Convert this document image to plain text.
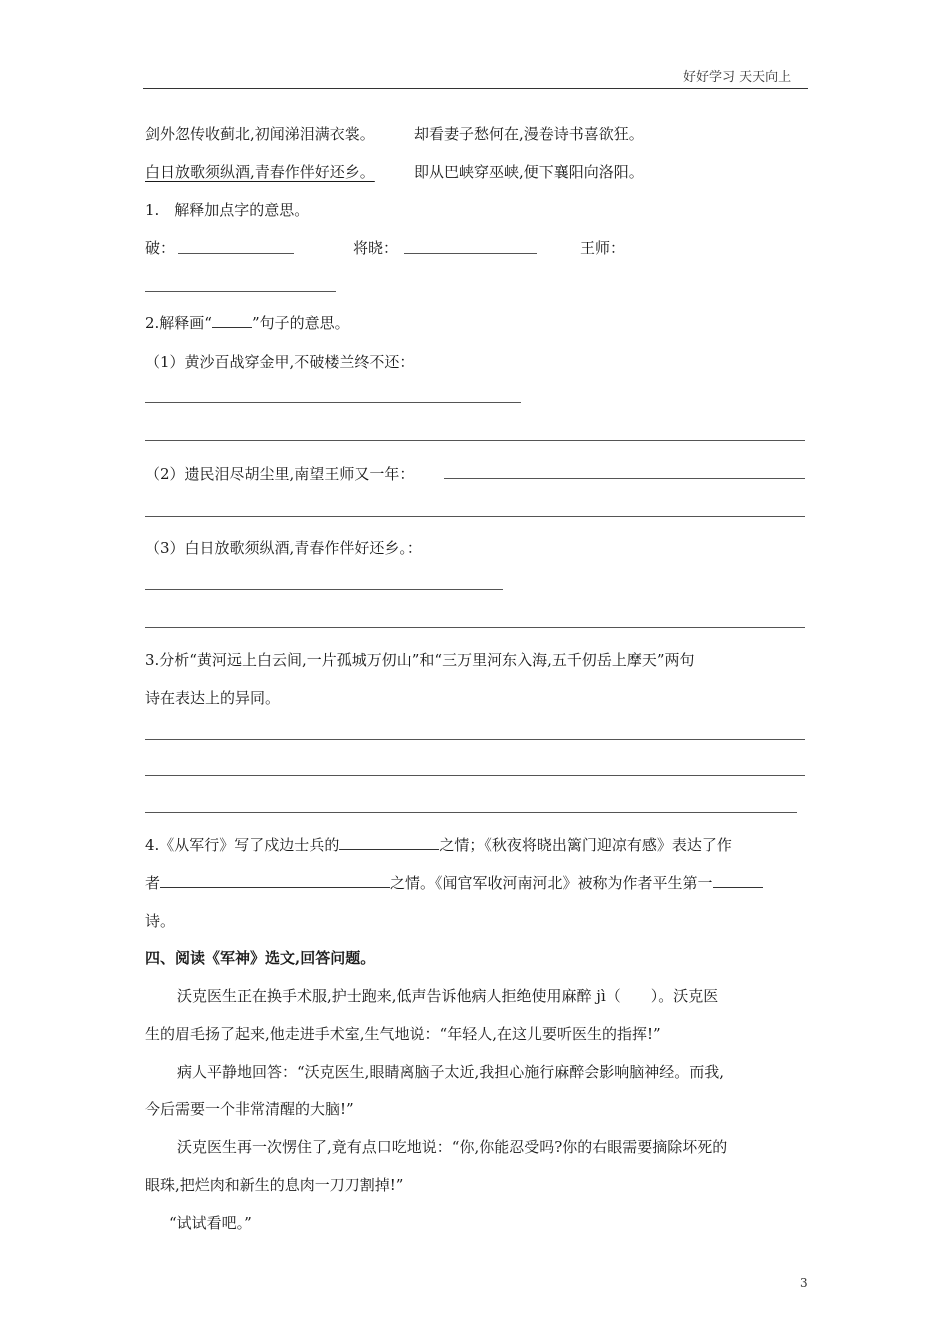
好好学习 天天向上
剑外忽传收蓟北,初闻涕泪满衣裳。	却看妻子愁何在,漫卷诗书喜欲狂。
白日放歌须纵酒,青春作伴好还乡。	即从巴峡穿巫峡,便下襄阳向洛阳。
1.　解释加点字的意思。
破：	将晓：	王师：
2.解释画“	”句子的意思。
（1）黄沙百战穿金甲,不破楼兰终不还：
（2）遗民泪尽胡尘里,南望王师又一年：
（3）白日放歌须纵酒,青春作伴好还乡。：
3.分析“黄河远上白云间,一片孤城万仞山”和“三万里河东入海,五千仞岳上摩天”两句
诗在表达上的异同。
4.《从军行》写了戍边士兵的	之情；《秋夜将晓出篱门迎凉有感》表达了作
者	之情。《闻官军收河南河北》被称为作者平生第一
诗。
四、阅读《军神》选文,回答问题。
沃克医生正在换手术服,护士跑来,低声告诉他病人拒绝使用麻醉 jì（　　）。沃克医
生的眉毛扬了起来,他走进手术室,生气地说：“年轻人,在这儿要听医生的指挥!”
病人平静地回答：“沃克医生,眼睛离脑子太近,我担心施行麻醉会影响脑神经。而我,
今后需要一个非常清醒的大脑!”
沃克医生再一次愣住了,竟有点口吃地说：“你,你能忍受吗?你的右眼需要摘除坏死的
眼珠,把烂肉和新生的息肉一刀刀割掉!”
“试试看吧。”
3
